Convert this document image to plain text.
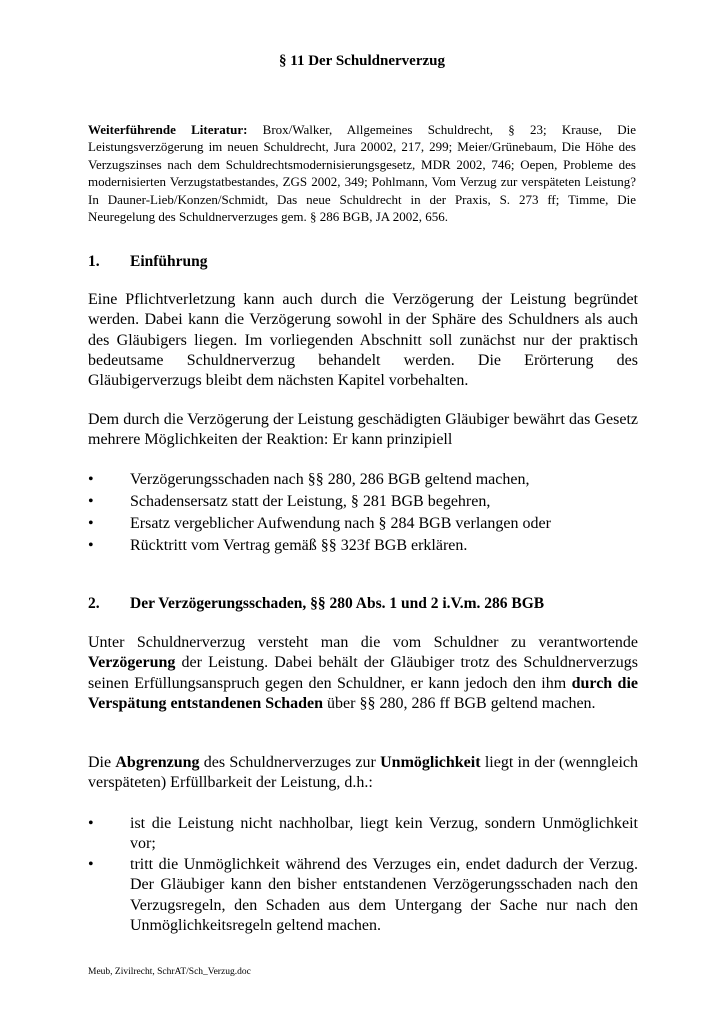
§ 11 Der Schuldnerverzug
Weiterführende Literatur: Brox/Walker, Allgemeines Schuldrecht, § 23; Krause, Die Leistungsverzögerung im neuen Schuldrecht, Jura 20002, 217, 299; Meier/Grünebaum, Die Höhe des Verzugszinses nach dem Schuldrechtsmodernisierungsgesetz, MDR 2002, 746; Oepen, Probleme des modernisierten Verzugstatbestandes, ZGS 2002, 349; Pohlmann, Vom Verzug zur verspäteten Leistung? In Dauner-Lieb/Konzen/Schmidt, Das neue Schuldrecht in der Praxis, S. 273 ff; Timme, Die Neuregelung des Schuldnerverzuges gem. § 286 BGB, JA 2002, 656.
1. Einführung
Eine Pflichtverletzung kann auch durch die Verzögerung der Leistung begründet werden. Dabei kann die Verzögerung sowohl in der Sphäre des Schuldners als auch des Gläubigers liegen. Im vorliegenden Abschnitt soll zunächst nur der praktisch bedeutsame Schuldnerverzug behandelt werden. Die Erörterung des Gläubigerverzugs bleibt dem nächsten Kapitel vorbehalten.
Dem durch die Verzögerung der Leistung geschädigten Gläubiger bewährt das Gesetz mehrere Möglichkeiten der Reaktion: Er kann prinzipiell
• Verzögerungsschaden nach §§ 280, 286 BGB geltend machen,
• Schadensersatz statt der Leistung, § 281 BGB begehren,
• Ersatz vergeblicher Aufwendung nach § 284 BGB verlangen oder
• Rücktritt vom Vertrag gemäß §§ 323f BGB erklären.
2. Der Verzögerungsschaden, §§ 280 Abs. 1 und 2 i.V.m. 286 BGB
Unter Schuldnerverzug versteht man die vom Schuldner zu verantwortende Verzögerung der Leistung. Dabei behält der Gläubiger trotz des Schuldnerverzugs seinen Erfüllungsanspruch gegen den Schuldner, er kann jedoch den ihm durch die Verspätung entstandenen Schaden über §§ 280, 286 ff BGB geltend machen.
Die Abgrenzung des Schuldnerverzuges zur Unmöglichkeit liegt in der (wenngleich verspäteten) Erfüllbarkeit der Leistung, d.h.:
• ist die Leistung nicht nachholbar, liegt kein Verzug, sondern Unmöglichkeit vor;
• tritt die Unmöglichkeit während des Verzuges ein, endet dadurch der Verzug. Der Gläubiger kann den bisher entstandenen Verzögerungsschaden nach den Verzugsregeln, den Schaden aus dem Untergang der Sache nur nach den Unmöglichkeitsregeln geltend machen.
Meub, Zivilrecht, SchrAT/Sch_Verzug.doc
